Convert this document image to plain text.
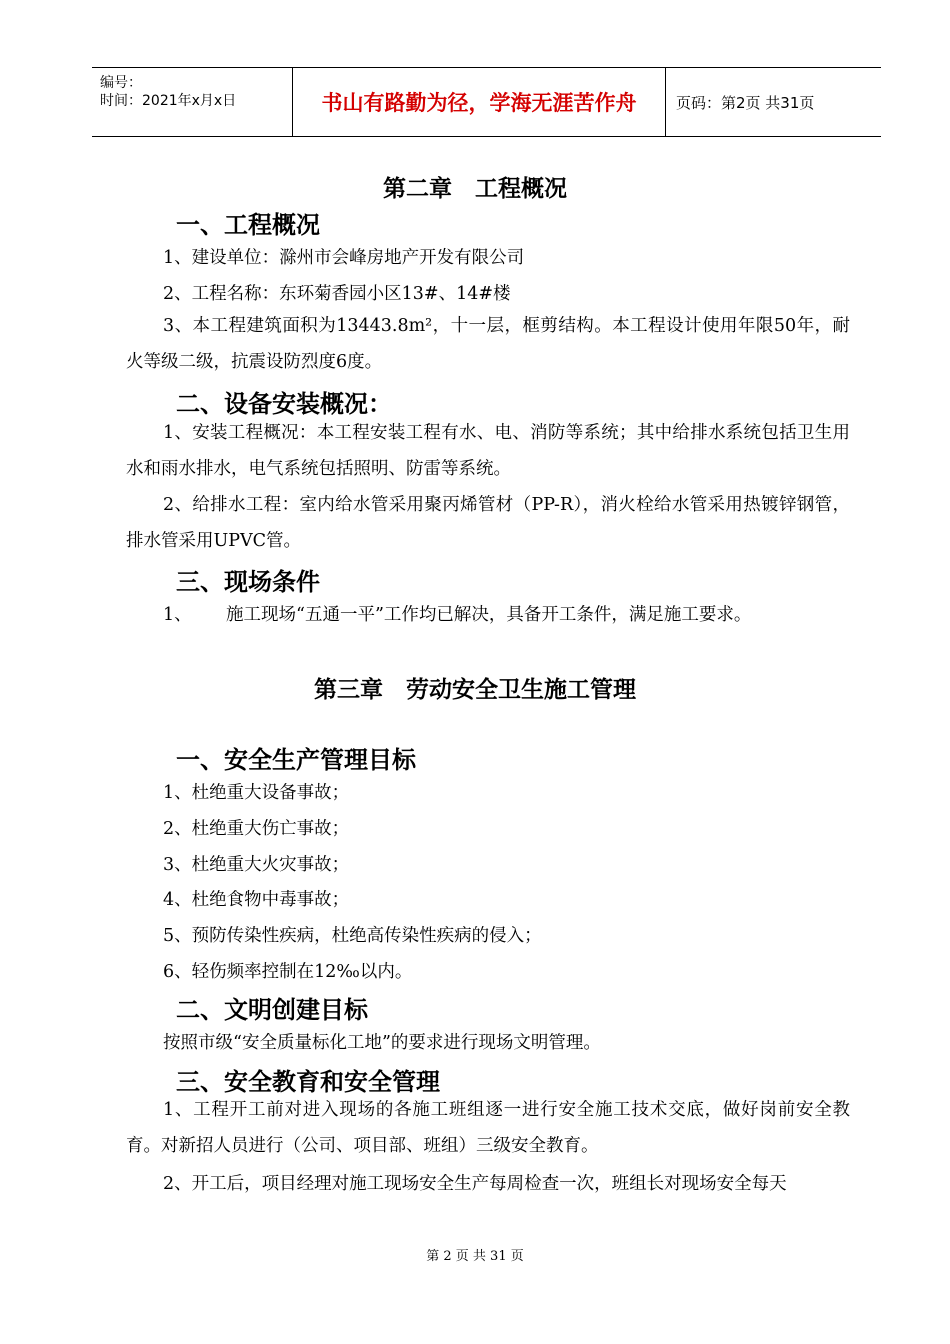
编号：
时间：2021年x月x日	书山有路勤为径，学海无涯苦作舟	页码：第2页 共31页
第二章　工程概况
一、工程概况
1、建设单位：滁州市会峰房地产开发有限公司
2、工程名称：东环菊香园小区13#、14#楼
3、本工程建筑面积为13443.8m²，十一层，框剪结构。本工程设计使用年限50年，耐火等级二级，抗震设防烈度6度。
二、设备安装概况：
1、安装工程概况：本工程安装工程有水、电、消防等系统；其中给排水系统包括卫生用水和雨水排水，电气系统包括照明、防雷等系统。
2、给排水工程：室内给水管采用聚丙烯管材（PP-R），消火栓给水管采用热镀锌钢管，排水管采用UPVC管。
三、现场条件
1、 施工现场“五通一平”工作均已解决，具备开工条件，满足施工要求。
第三章　劳动安全卫生施工管理
一、安全生产管理目标
1、杜绝重大设备事故；
2、杜绝重大伤亡事故；
3、杜绝重大火灾事故；
4、杜绝食物中毒事故；
5、预防传染性疾病，杜绝高传染性疾病的侵入；
6、轻伤频率控制在12‰以内。
二、文明创建目标
按照市级“安全质量标化工地”的要求进行现场文明管理。
三、安全教育和安全管理
1、工程开工前对进入现场的各施工班组逐一进行安全施工技术交底，做好岗前安全教育。对新招人员进行（公司、项目部、班组）三级安全教育。
2、开工后，项目经理对施工现场安全生产每周检查一次，班组长对现场安全每天
第 2 页 共 31 页
